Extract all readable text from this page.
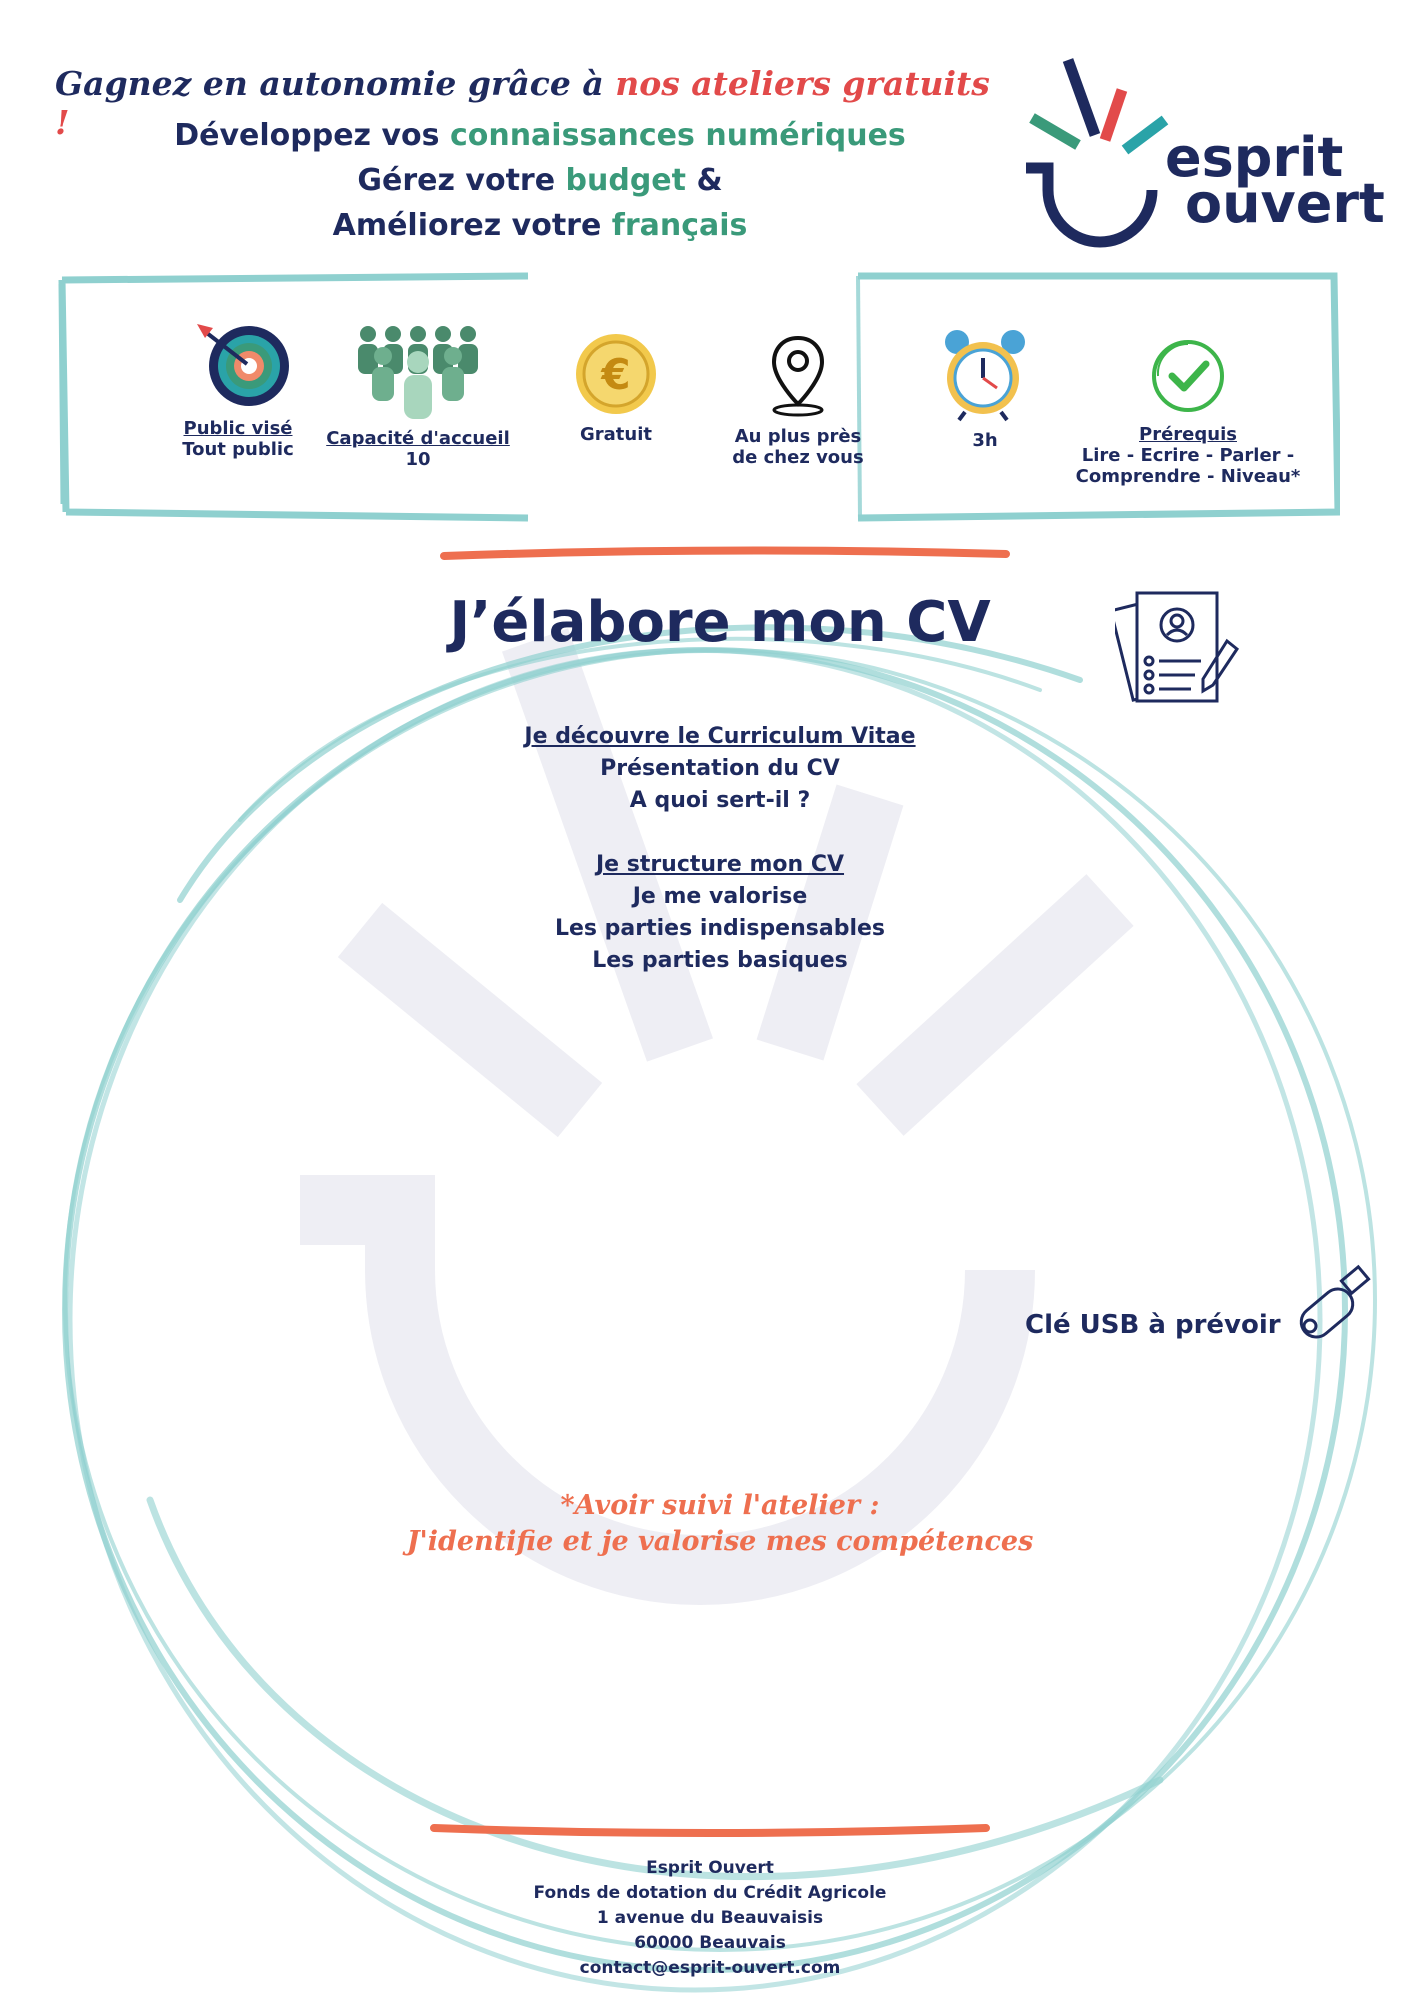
Gagnez en autonomie grâce à nos ateliers gratuits !	Développez vos connaissances numériques
Gérez votre budget &
Améliorez votre français
esprit
ouvert
Public visé
Tout public
Capacité d'accueil
10
€
Gratuit	Au plus près
de chez vous
3h	Prérequis
Lire - Ecrire - Parler -
Comprendre - Niveau*
J’élabore mon CV
Je découvre le Curriculum Vitae
Présentation du CV
A quoi sert-il ?
Je structure mon CV
Je me valorise
Les parties indispensables
Les parties basiques
Clé USB à prévoir
*Avoir suivi l'atelier :
J'identifie et je valorise mes compétences
Esprit Ouvert
Fonds de dotation du Crédit Agricole
1 avenue du Beauvaisis
60000 Beauvais
contact@esprit-ouvert.com
